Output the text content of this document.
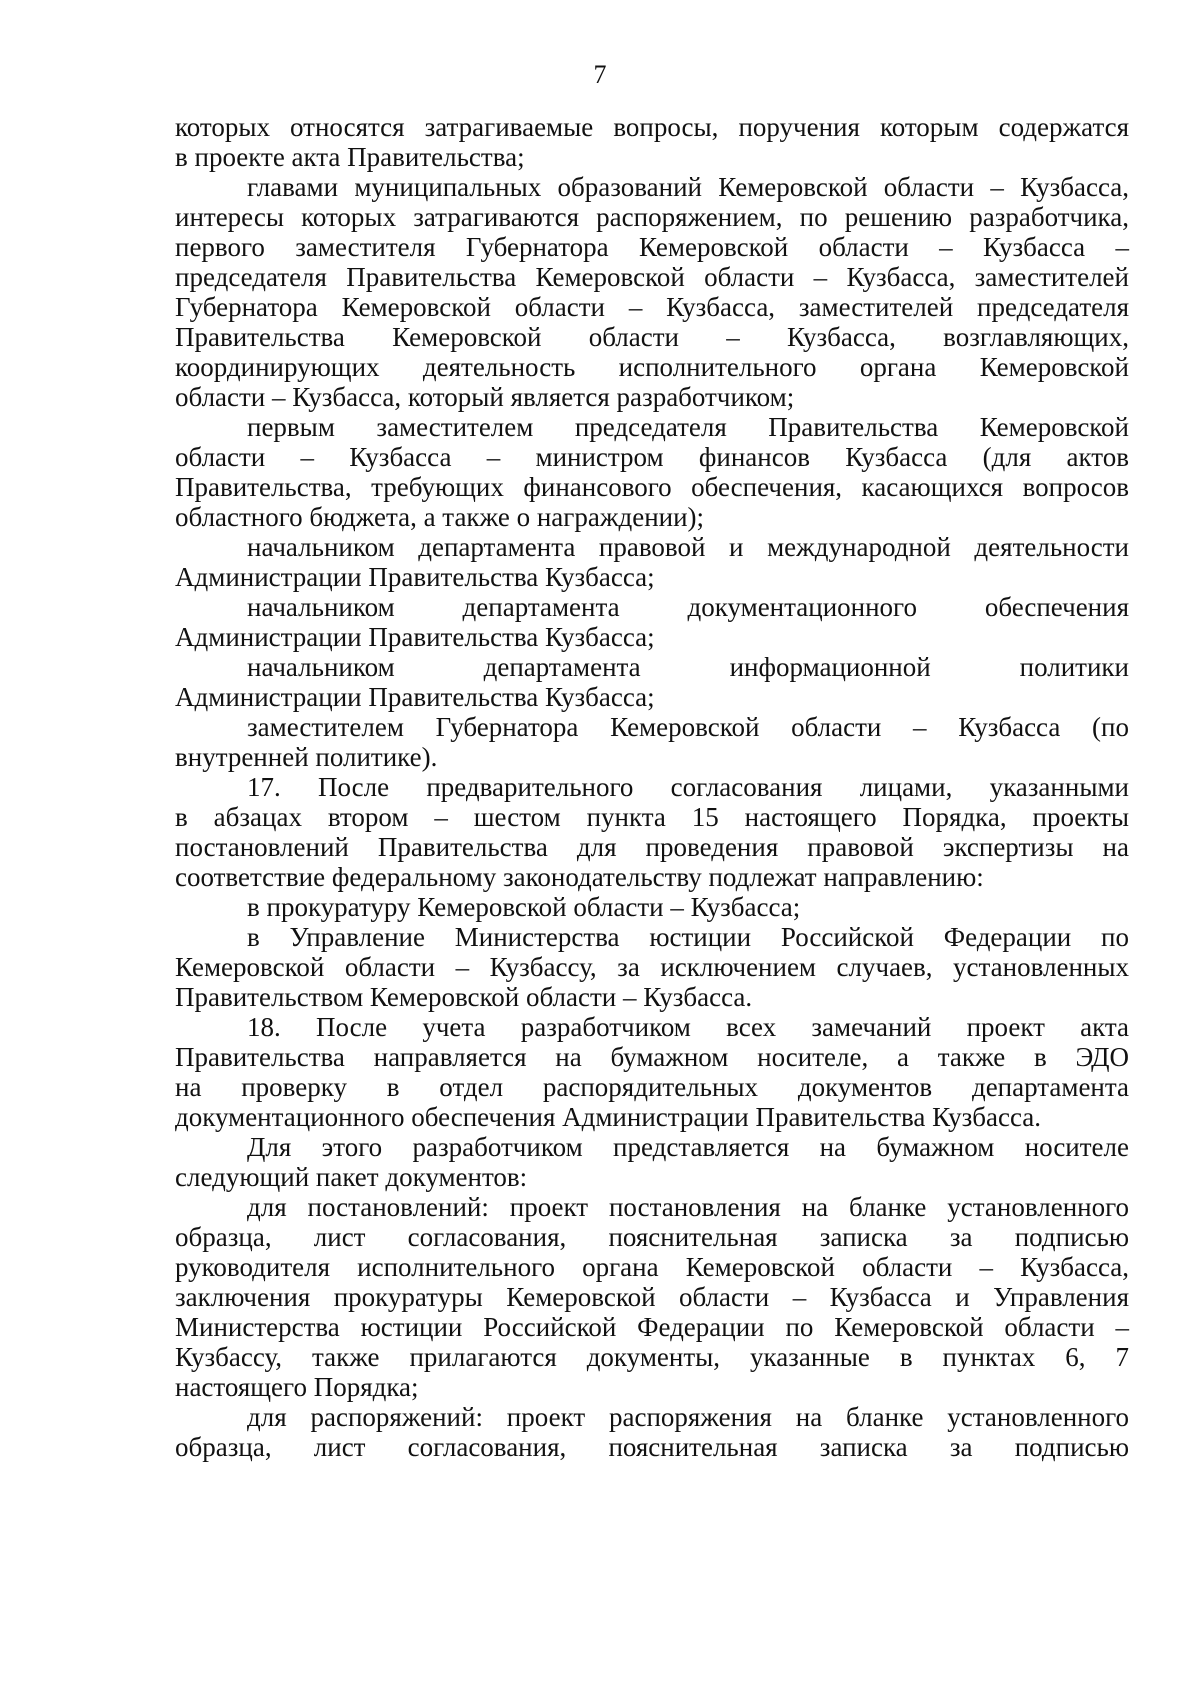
7
которых относятся затрагиваемые вопросы, поручения которым содержатся
в проекте акта Правительства;
главами муниципальных образований Кемеровской области – Кузбасса,
интересы которых затрагиваются распоряжением, по решению разработчика,
первого заместителя Губернатора Кемеровской области – Кузбасса –
председателя Правительства Кемеровской области – Кузбасса, заместителей
Губернатора Кемеровской области – Кузбасса, заместителей председателя
Правительства Кемеровской области – Кузбасса, возглавляющих,
координирующих деятельность исполнительного органа Кемеровской
области – Кузбасса, который является разработчиком;
первым заместителем председателя Правительства Кемеровской
области – Кузбасса – министром финансов Кузбасса (для актов
Правительства, требующих финансового обеспечения, касающихся вопросов
областного бюджета, а также о награждении);
начальником департамента правовой и международной деятельности
Администрации Правительства Кузбасса;
начальником департамента документационного обеспечения
Администрации Правительства Кузбасса;
начальником департамента информационной политики
Администрации Правительства Кузбасса;
заместителем Губернатора Кемеровской области – Кузбасса (по
внутренней политике).
17. После предварительного согласования лицами, указанными
в абзацах втором – шестом пункта 15 настоящего Порядка, проекты
постановлений Правительства для проведения правовой экспертизы на
соответствие федеральному законодательству подлежат направлению:
в прокуратуру Кемеровской области – Кузбасса;
в Управление Министерства юстиции Российской Федерации по
Кемеровской области – Кузбассу, за исключением случаев, установленных
Правительством Кемеровской области – Кузбасса.
18. После учета разработчиком всех замечаний проект акта
Правительства направляется на бумажном носителе, а также в ЭДО
на проверку в отдел распорядительных документов департамента
документационного обеспечения Администрации Правительства Кузбасса.
Для этого разработчиком представляется на бумажном носителе
следующий пакет документов:
для постановлений: проект постановления на бланке установленного
образца, лист согласования, пояснительная записка за подписью
руководителя исполнительного органа Кемеровской области – Кузбасса,
заключения прокуратуры Кемеровской области – Кузбасса и Управления
Министерства юстиции Российской Федерации по Кемеровской области –
Кузбассу, также прилагаются документы, указанные в пунктах 6, 7
настоящего Порядка;
для распоряжений: проект распоряжения на бланке установленного
образца, лист согласования, пояснительная записка за подписью
